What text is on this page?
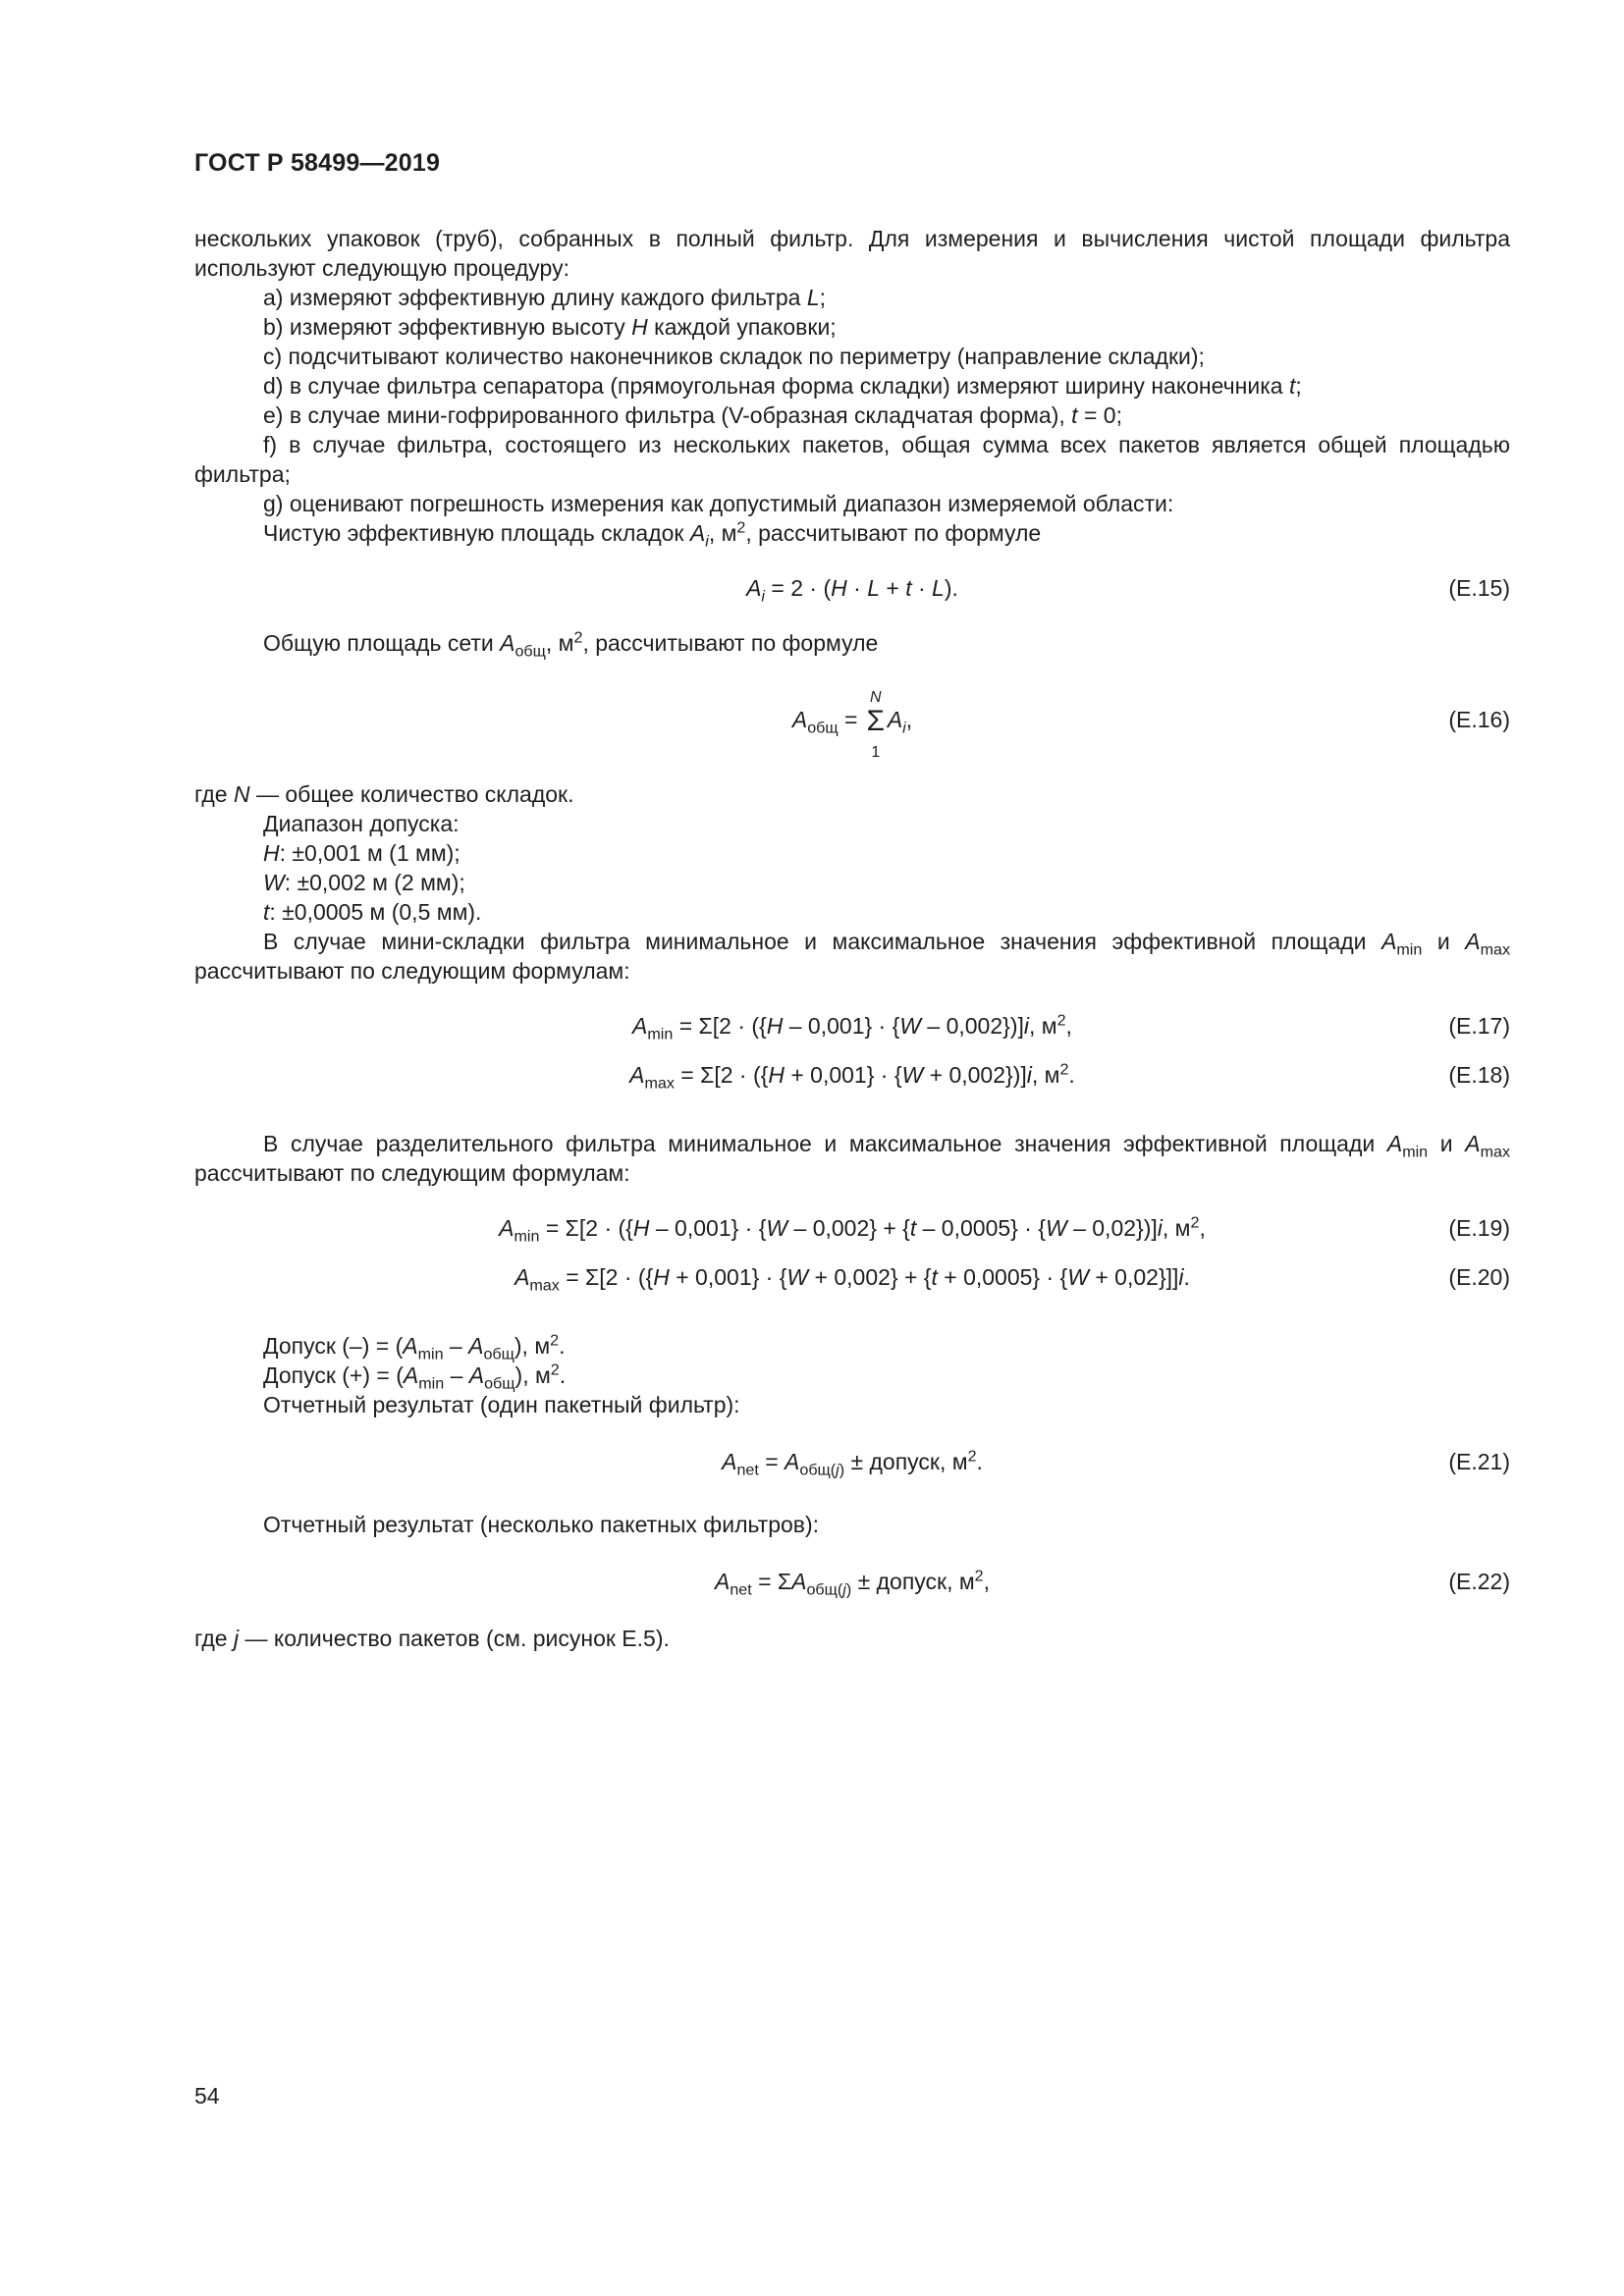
ГОСТ Р 58499—2019

нескольких упаковок (труб), собранных в полный фильтр. Для измерения и вычисления чистой площади фильтра используют следующую процедуру:

a) измеряют эффективную длину каждого фильтра L;

b) измеряют эффективную высоту H каждой упаковки;

c) подсчитывают количество наконечников складок по периметру (направление складки);

d) в случае фильтра сепаратора (прямоугольная форма складки) измеряют ширину наконечника t;

e) в случае мини-гофрированного фильтра (V-образная складчатая форма), t = 0;

f) в случае фильтра, состоящего из нескольких пакетов, общая сумма всех пакетов является общей площадью фильтра;

g) оценивают погрешность измерения как допустимый диапазон измеряемой области:

Чистую эффективную площадь складок $A_i$, $м^2$, рассчитывают по формуле

$A_i = 2 \cdot (H \cdot L + t \cdot L)$.	(E.15)

Общую площадь сети $A_{общ}$, $м^2$, рассчитывают по формуле

$A_{общ} = \Sigma$
N
1
$A_i$,	(E.16)

где N — общее количество складок.

Диапазон допуска:

H: ±0,001 м (1 мм);

W: ±0,002 м (2 мм);

t: ±0,0005 м (0,5 мм).

В случае мини-складки фильтра минимальное и максимальное значения эффективной площади $A_{min}$ и $A_{max}$ рассчитывают по следующим формулам:

$A_{min} = \Sigma[2 \cdot (\{H - 0,001\} \cdot \{W - 0,002\})]i$, $м^2$,	(E.17)
$A_{max} = \Sigma[2 \cdot (\{H + 0,001\} \cdot \{W + 0,002\})]i$, $м^2$.	(E.18)

В случае разделительного фильтра минимальное и максимальное значения эффективной площади $A_{min}$ и $A_{max}$ рассчитывают по следующим формулам:

$A_{min} = \Sigma[2 \cdot (\{H - 0,001\} \cdot \{W - 0,002\} + \{t - 0,0005\} \cdot \{W - 0,02\})]i$, $м^2$,	(E.19)
$A_{max} = \Sigma[2 \cdot (\{H + 0,001\} \cdot \{W + 0,002\} + \{t + 0,0005\} \cdot \{W + 0,02\}]]i$.	(E.20)

Допуск (–) = $(A_{min} - A_{общ})$, $м^2$.

Допуск (+) = $(A_{min} - A_{общ})$, $м^2$.

Отчетный результат (один пакетный фильтр):

$A_{net} = A_{общ(j)}$ ± допуск, $м^2$.	(E.21)

Отчетный результат (несколько пакетных фильтров):

$A_{net} = \Sigma A_{общ(j)}$ ± допуск, $м^2$,	(E.22)

где j — количество пакетов (см. рисунок Е.5).

54
